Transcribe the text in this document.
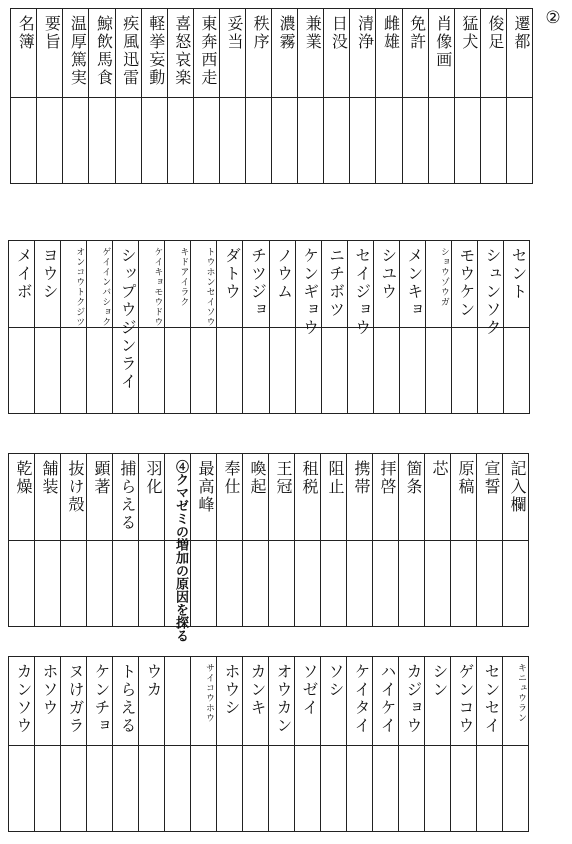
②
遷都
俊足
猛犬
肖像画
免許
雌雄
清浄
日没
兼業
濃霧
秩序
妥当
東奔西走
喜怒哀楽
軽挙妄動
疾風迅雷
鯨飲馬食
温厚篤実
要旨
名簿
セント
シュンソク
モウケン
ショウゾウガ
メンキョ
シユウ
セイジョウ
ニチボツ
ケンギョウ
ノウム
チツジョ
ダトウ
トウホンセイソウ
キドアイラク
ケイキョモウドウ
シップウジンライ
ゲイインバショク
オンコウトクジツ
ヨウシ
メイボ
記入欄
宣誓
原稿
芯
箇条
拝啓
携帯
阻止
租税
王冠
喚起
奉仕
最高峰
④クマゼミの増加の原因を探る
羽化
捕らえる
顕著
抜け殻
舗装
乾燥
キニュウラン
センセイ
ゲンコウ
シン
カジョウ
ハイケイ
ケイタイ
ソシ
ソゼイ
オウカン
カンキ
ホウシ
サイコウホウ
ウカ
トらえる
ケンチョ
ヌけガラ
ホソウ
カンソウ
